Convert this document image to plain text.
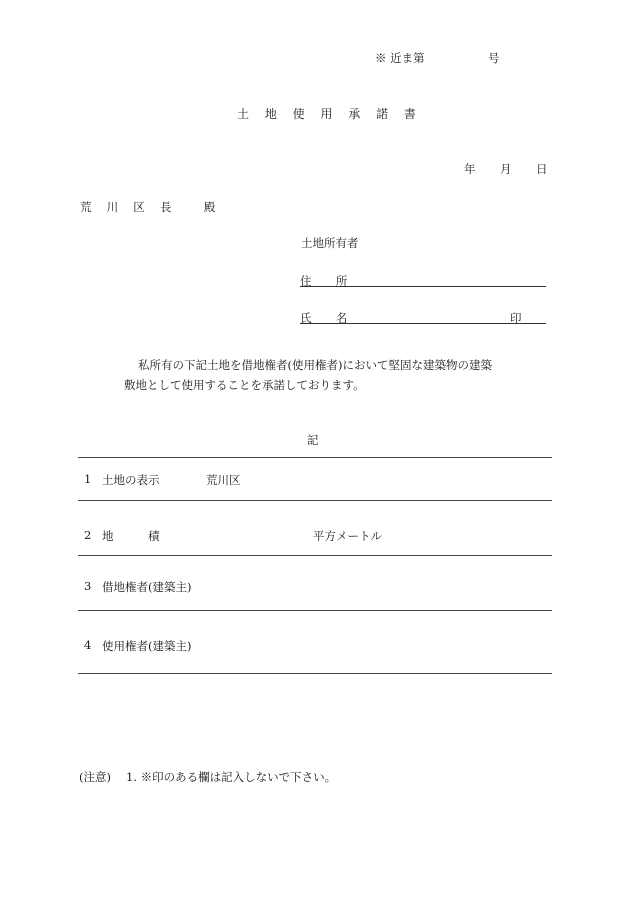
※ 近ま第	号
土 地 使 用 承 諾 書
年 月 日
荒 川 区 長　 殿
土地所有者
住 所
氏 名	印
私所有の下記土地を借地権者(使用権者)において堅固な建築物の建築
敷地として使用することを承諾しております。
記
1 土地の表示	荒川区
2 地　　　積	平方メートル
3 借地権者(建築主)
4 使用権者(建築主)
(注意) 1. ※印のある欄は記入しないで下さい。
